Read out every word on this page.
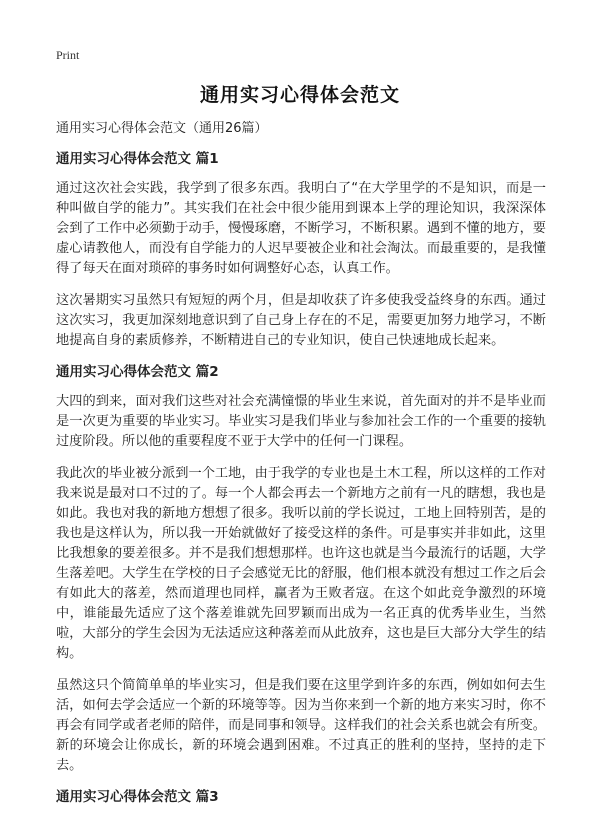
Print
通用实习心得体会范文

通用实习心得体会范文（通用26篇）

通用实习心得体会范文 篇1

通过这次社会实践，我学到了很多东西。我明白了“在大学里学的不是知识，而是一种叫做自学的能力”。其实我们在社会中很少能用到课本上学的理论知识，我深深体会到了工作中必须勤于动手，慢慢琢磨，不断学习，不断积累。遇到不懂的地方，要虚心请教他人，而没有自学能力的人迟早要被企业和社会淘汰。而最重要的，是我懂得了每天在面对琐碎的事务时如何调整好心态，认真工作。

这次暑期实习虽然只有短短的两个月，但是却收获了许多使我受益终身的东西。通过这次实习，我更加深刻地意识到了自己身上存在的不足，需要更加努力地学习，不断地提高自身的素质修养，不断精进自己的专业知识，使自己快速地成长起来。

通用实习心得体会范文 篇2

大四的到来，面对我们这些对社会充满憧憬的毕业生来说，首先面对的并不是毕业而是一次更为重要的毕业实习。毕业实习是我们毕业与参加社会工作的一个重要的接轨过度阶段。所以他的重要程度不亚于大学中的任何一门课程。

我此次的毕业被分派到一个工地，由于我学的专业也是土木工程，所以这样的工作对我来说是最对口不过的了。每一个人都会再去一个新地方之前有一凡的瞎想，我也是如此。我也对我的新地方想想了很多。我听以前的学长说过，工地上回特别苦，是的我也是这样认为，所以我一开始就做好了接受这样的条件。可是事实并非如此，这里比我想象的要差很多。并不是我们想想那样。也许这也就是当今最流行的话题，大学生落差吧。大学生在学校的日子会感觉无比的舒服，他们根本就没有想过工作之后会有如此大的落差，然而道理也同样，赢者为王败者寇。在这个如此竞争激烈的环境中，谁能最先适应了这个落差谁就先回罗颖而出成为一名正真的优秀毕业生，当然啦，大部分的学生会因为无法适应这种落差而从此放弃，这也是巨大部分大学生的结构。

虽然这只个简简单单的毕业实习，但是我们要在这里学到许多的东西，例如如何去生活，如何去学会适应一个新的环境等等。因为当你来到一个新的地方来实习时，你不再会有同学或者老师的陪伴，而是同事和领导。这样我们的社会关系也就会有所变。新的环境会让你成长，新的环境会遇到困难。不过真正的胜利的坚持，坚持的走下去。

通用实习心得体会范文 篇3
